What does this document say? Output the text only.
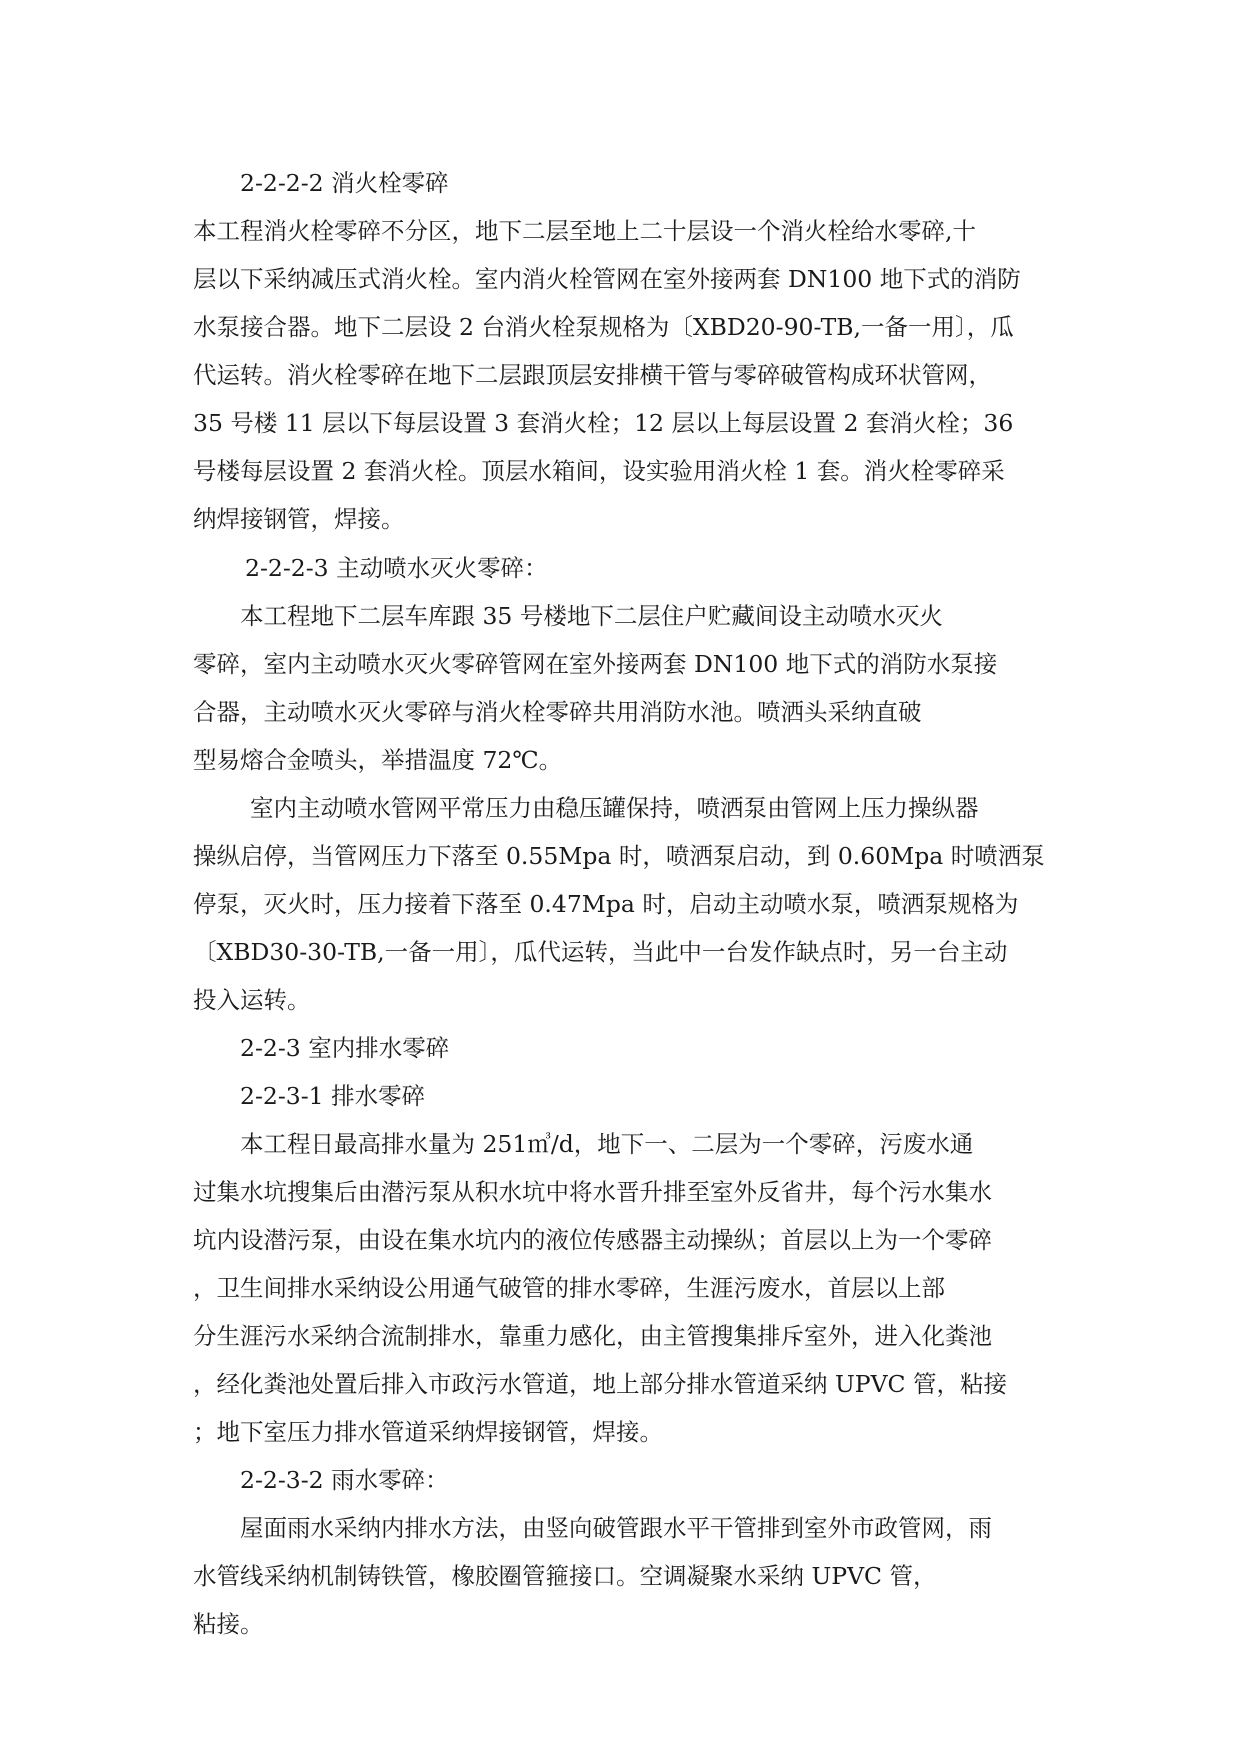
2-2-2-2 消火栓零碎
本工程消火栓零碎不分区，地下二层至地上二十层设一个消火栓给水零碎,十
层以下采纳减压式消火栓。室内消火栓管网在室外接两套 DN100 地下式的消防
水泵接合器。地下二层设 2 台消火栓泵规格为〔XBD20-90-TB,一备一用〕，瓜
代运转。消火栓零碎在地下二层跟顶层安排横干管与零碎破管构成环状管网，
35 号楼 11 层以下每层设置 3 套消火栓；12 层以上每层设置 2 套消火栓；36
号楼每层设置 2 套消火栓。顶层水箱间，设实验用消火栓 1 套。消火栓零碎采
纳焊接钢管，焊接。
2-2-2-3 主动喷水灭火零碎：
本工程地下二层车库跟 35 号楼地下二层住户贮藏间设主动喷水灭火
零碎，室内主动喷水灭火零碎管网在室外接两套 DN100 地下式的消防水泵接
合器，主动喷水灭火零碎与消火栓零碎共用消防水池。喷洒头采纳直破
型易熔合金喷头，举措温度 72℃。
室内主动喷水管网平常压力由稳压罐保持，喷洒泵由管网上压力操纵器
操纵启停，当管网压力下落至 0.55Mpa 时，喷洒泵启动，到 0.60Mpa 时喷洒泵
停泵，灭火时，压力接着下落至 0.47Mpa 时，启动主动喷水泵，喷洒泵规格为
〔XBD30-30-TB,一备一用〕，瓜代运转，当此中一台发作缺点时，另一台主动
投入运转。
2-2-3 室内排水零碎
2-2-3-1 排水零碎
本工程日最高排水量为 251㎥/d，地下一、二层为一个零碎，污废水通
过集水坑搜集后由潜污泵从积水坑中将水晋升排至室外反省井，每个污水集水
坑内设潜污泵，由设在集水坑内的液位传感器主动操纵；首层以上为一个零碎
，卫生间排水采纳设公用通气破管的排水零碎，生涯污废水，首层以上部
分生涯污水采纳合流制排水，靠重力感化，由主管搜集排斥室外，进入化粪池
，经化粪池处置后排入市政污水管道，地上部分排水管道采纳 UPVC 管，粘接
；地下室压力排水管道采纳焊接钢管，焊接。
2-2-3-2 雨水零碎：
屋面雨水采纳内排水方法，由竖向破管跟水平干管排到室外市政管网，雨
水管线采纳机制铸铁管，橡胶圈管箍接口。空调凝聚水采纳 UPVC 管，
粘接。
